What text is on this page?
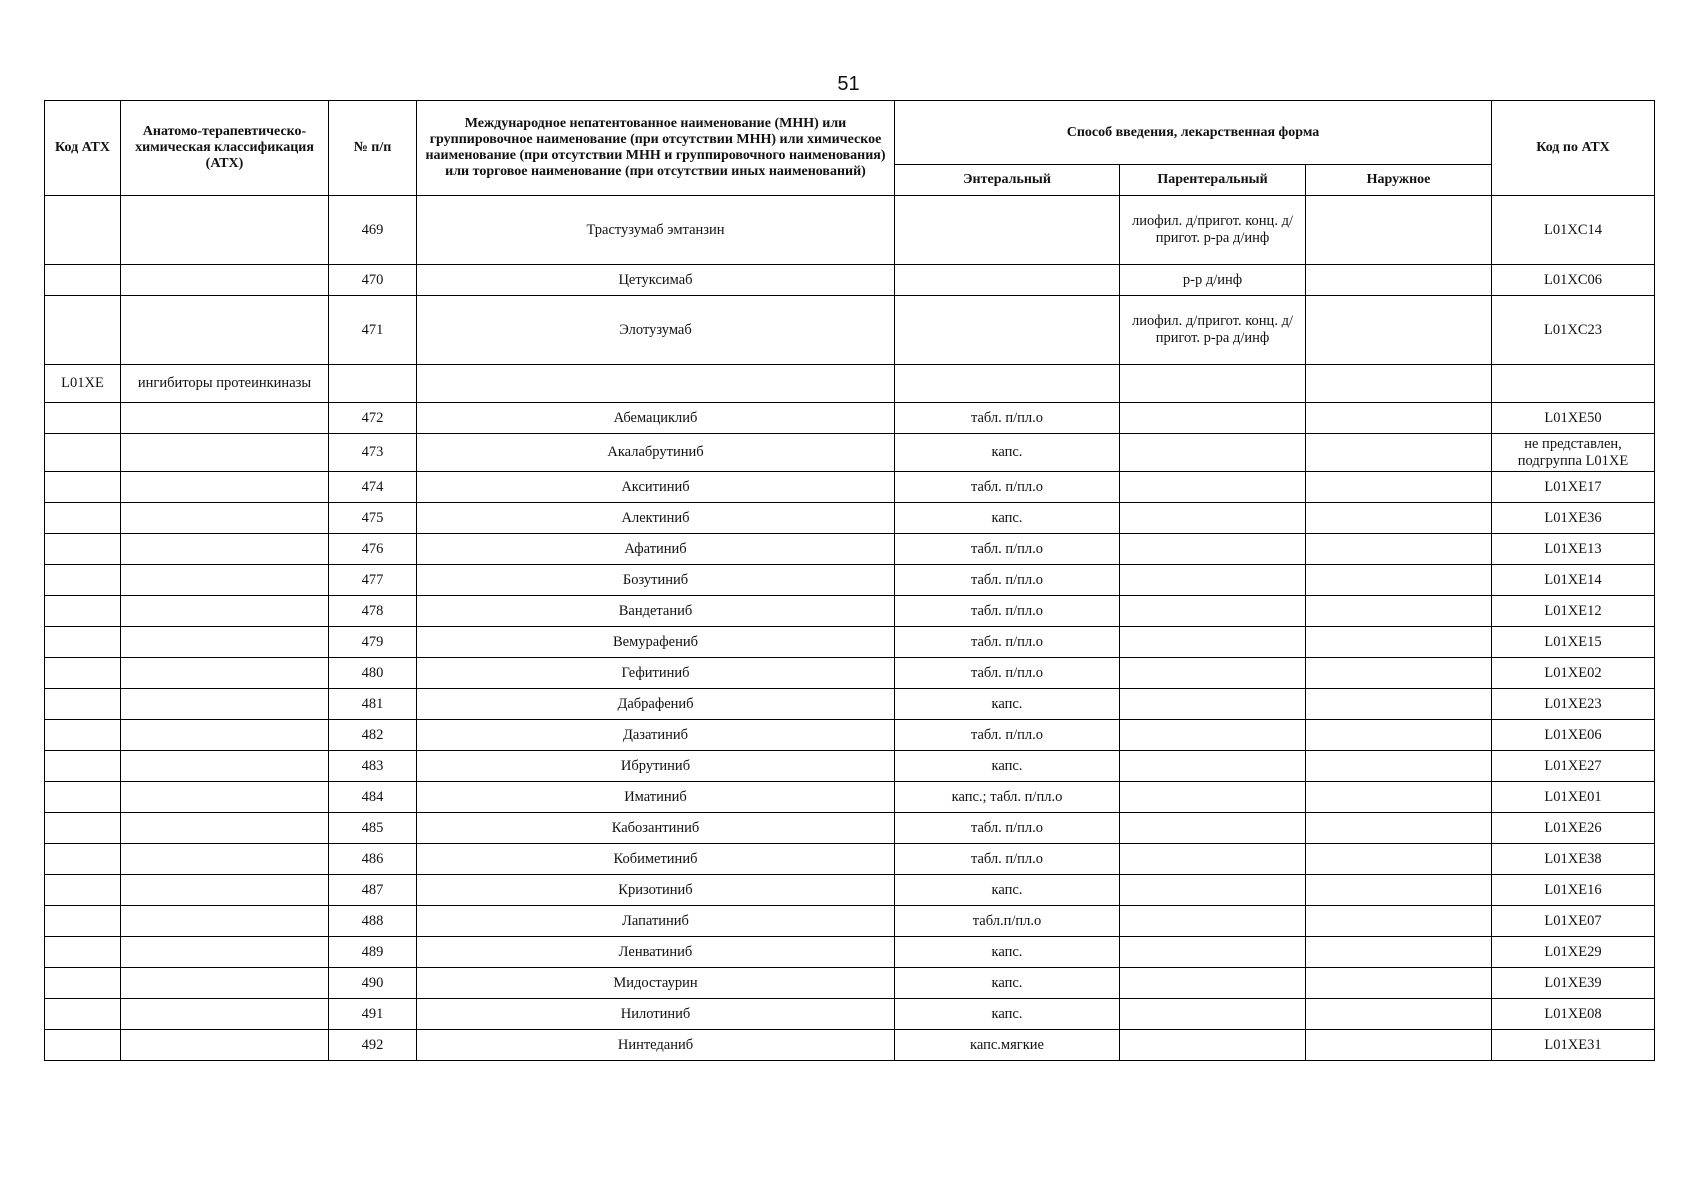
51
Код АТХ	Анатомо-терапевтическо-химическая классификация (АТХ)	№ п/п	Международное непатентованное наименование (МНН) или группировочное наименование (при отсутствии МНН) или химическое наименование (при отсутствии МНН и группировочного наименования) или торговое наименование (при отсутствии иных наименований)	Способ введения, лекарственная форма			Код по АТХ
				Энтеральный	Парентеральный	Наружное	
		469	Трастузумаб эмтанзин		лиофил. д/пригот. конц. д/пригот. р-ра д/инф		L01XC14
		470	Цетуксимаб		р-р д/инф		L01XC06
		471	Элотузумаб		лиофил. д/пригот. конц. д/пригот. р-ра д/инф		L01XC23
L01XE	ингибиторы протеинкиназы						
		472	Абемациклиб	табл. п/пл.о			L01XE50
		473	Акалабрутиниб	капс.			не представлен, подгруппа L01XE
		474	Акситиниб	табл. п/пл.о			L01XE17
		475	Алектиниб	капс.			L01XE36
		476	Афатиниб	табл. п/пл.о			L01XE13
		477	Бозутиниб	табл. п/пл.о			L01XE14
		478	Вандетаниб	табл. п/пл.о			L01XE12
		479	Вемурафениб	табл. п/пл.о			L01XE15
		480	Гефитиниб	табл. п/пл.о			L01XE02
		481	Дабрафениб	капс.			L01XE23
		482	Дазатиниб	табл. п/пл.о			L01XE06
		483	Ибрутиниб	капс.			L01XE27
		484	Иматиниб	капс.; табл. п/пл.о			L01XE01
		485	Кабозантиниб	табл. п/пл.о			L01XE26
		486	Кобиметиниб	табл. п/пл.о			L01XE38
		487	Кризотиниб	капс.			L01XE16
		488	Лапатиниб	табл.п/пл.о			L01XE07
		489	Ленватиниб	капс.			L01XE29
		490	Мидостаурин	капс.			L01XE39
		491	Нилотиниб	капс.			L01XE08
		492	Нинтеданиб	капс.мягкие			L01XE31
